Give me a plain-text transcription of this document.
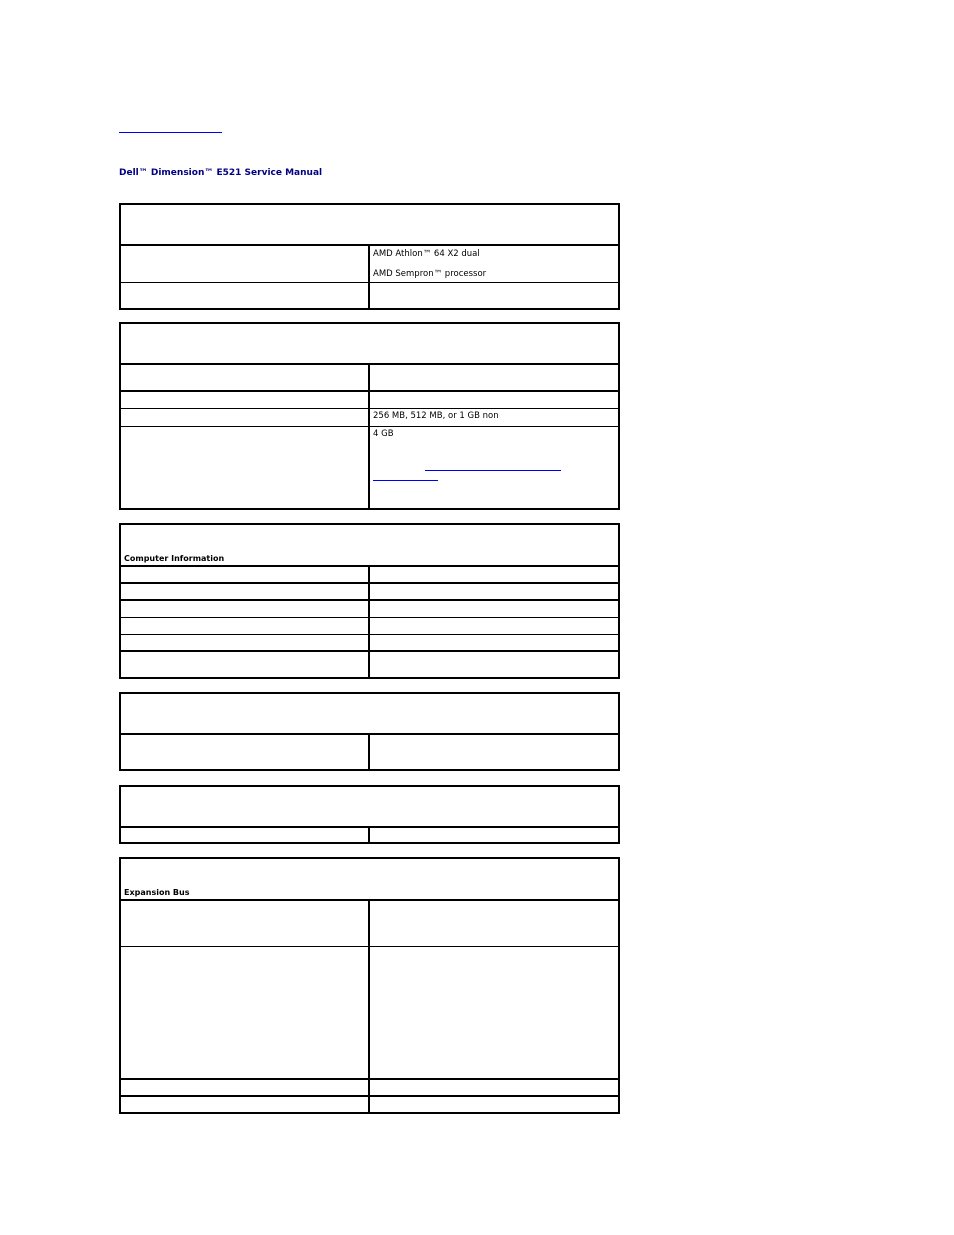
Dell™ Dimension™ E521 Service Manual

AMD Athlon™ 64 X2 dual

AMD Sempron™ processor

256 MB, 512 MB, or 1 GB non
4 GB
Computer Information
Expansion Bus
